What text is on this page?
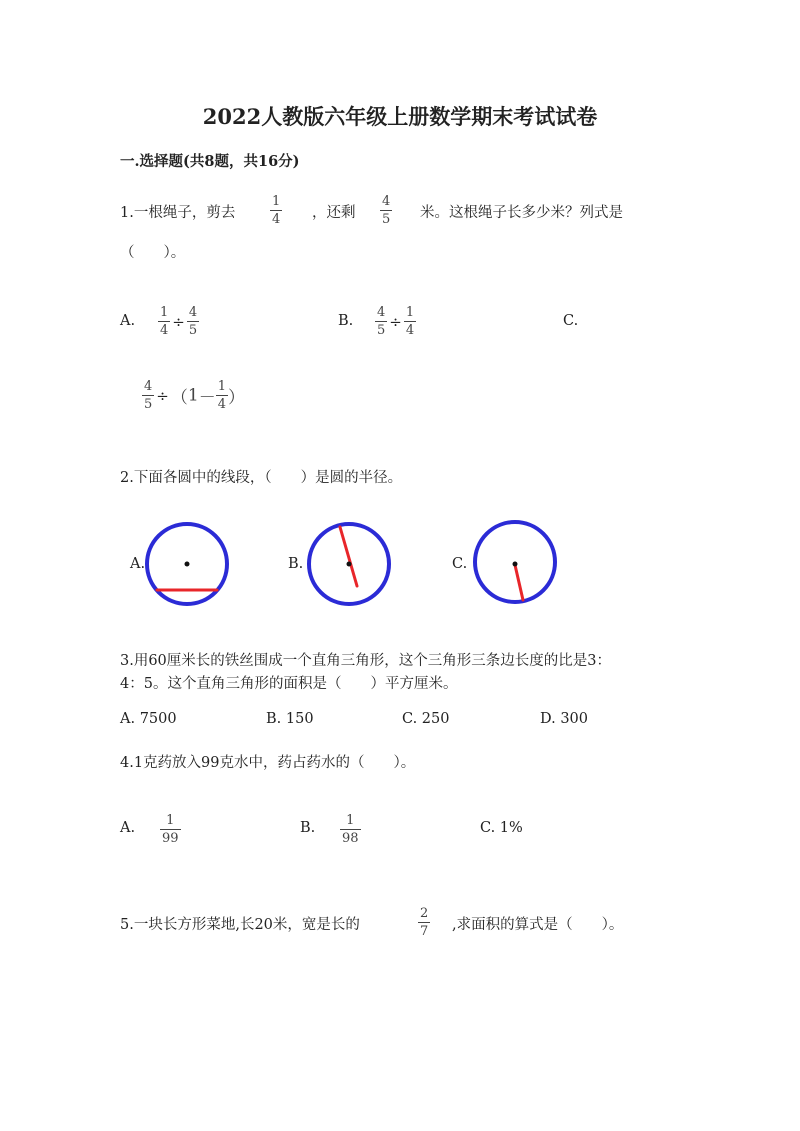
2022人教版六年级上册数学期末考试试卷
一.选择题(共8题，共16分)
1.一根绳子，剪去	$\frac{1}{4}$ ，还剩 $\frac{4}{5}$ 米。这根绳子长多少米？列式是
（　　）。
A. $\frac{1}{4} \div \frac{4}{5}$	B. $\frac{4}{5} \div \frac{1}{4}$	C.
$\frac{4}{5} \div (1- \frac{1}{4}$ ）
2.下面各圆中的线段，（　　）是圆的半径。
A.	B.	C.
3.用60厘米长的铁丝围成一个直角三角形，这个三角形三条边长度的比是3：
4：5。这个直角三角形的面积是（　　）平方厘米。
A. 7500	B. 150	C. 250	D. 300
4.1克药放入99克水中，药占药水的（　　）。
A. $\frac{1}{99}$	B. $\frac{1}{98}$	C. 1%
5.一块长方形菜地,长20米，宽是长的	$\frac{2}{7}$ ,求面积的算式是（　　）。
